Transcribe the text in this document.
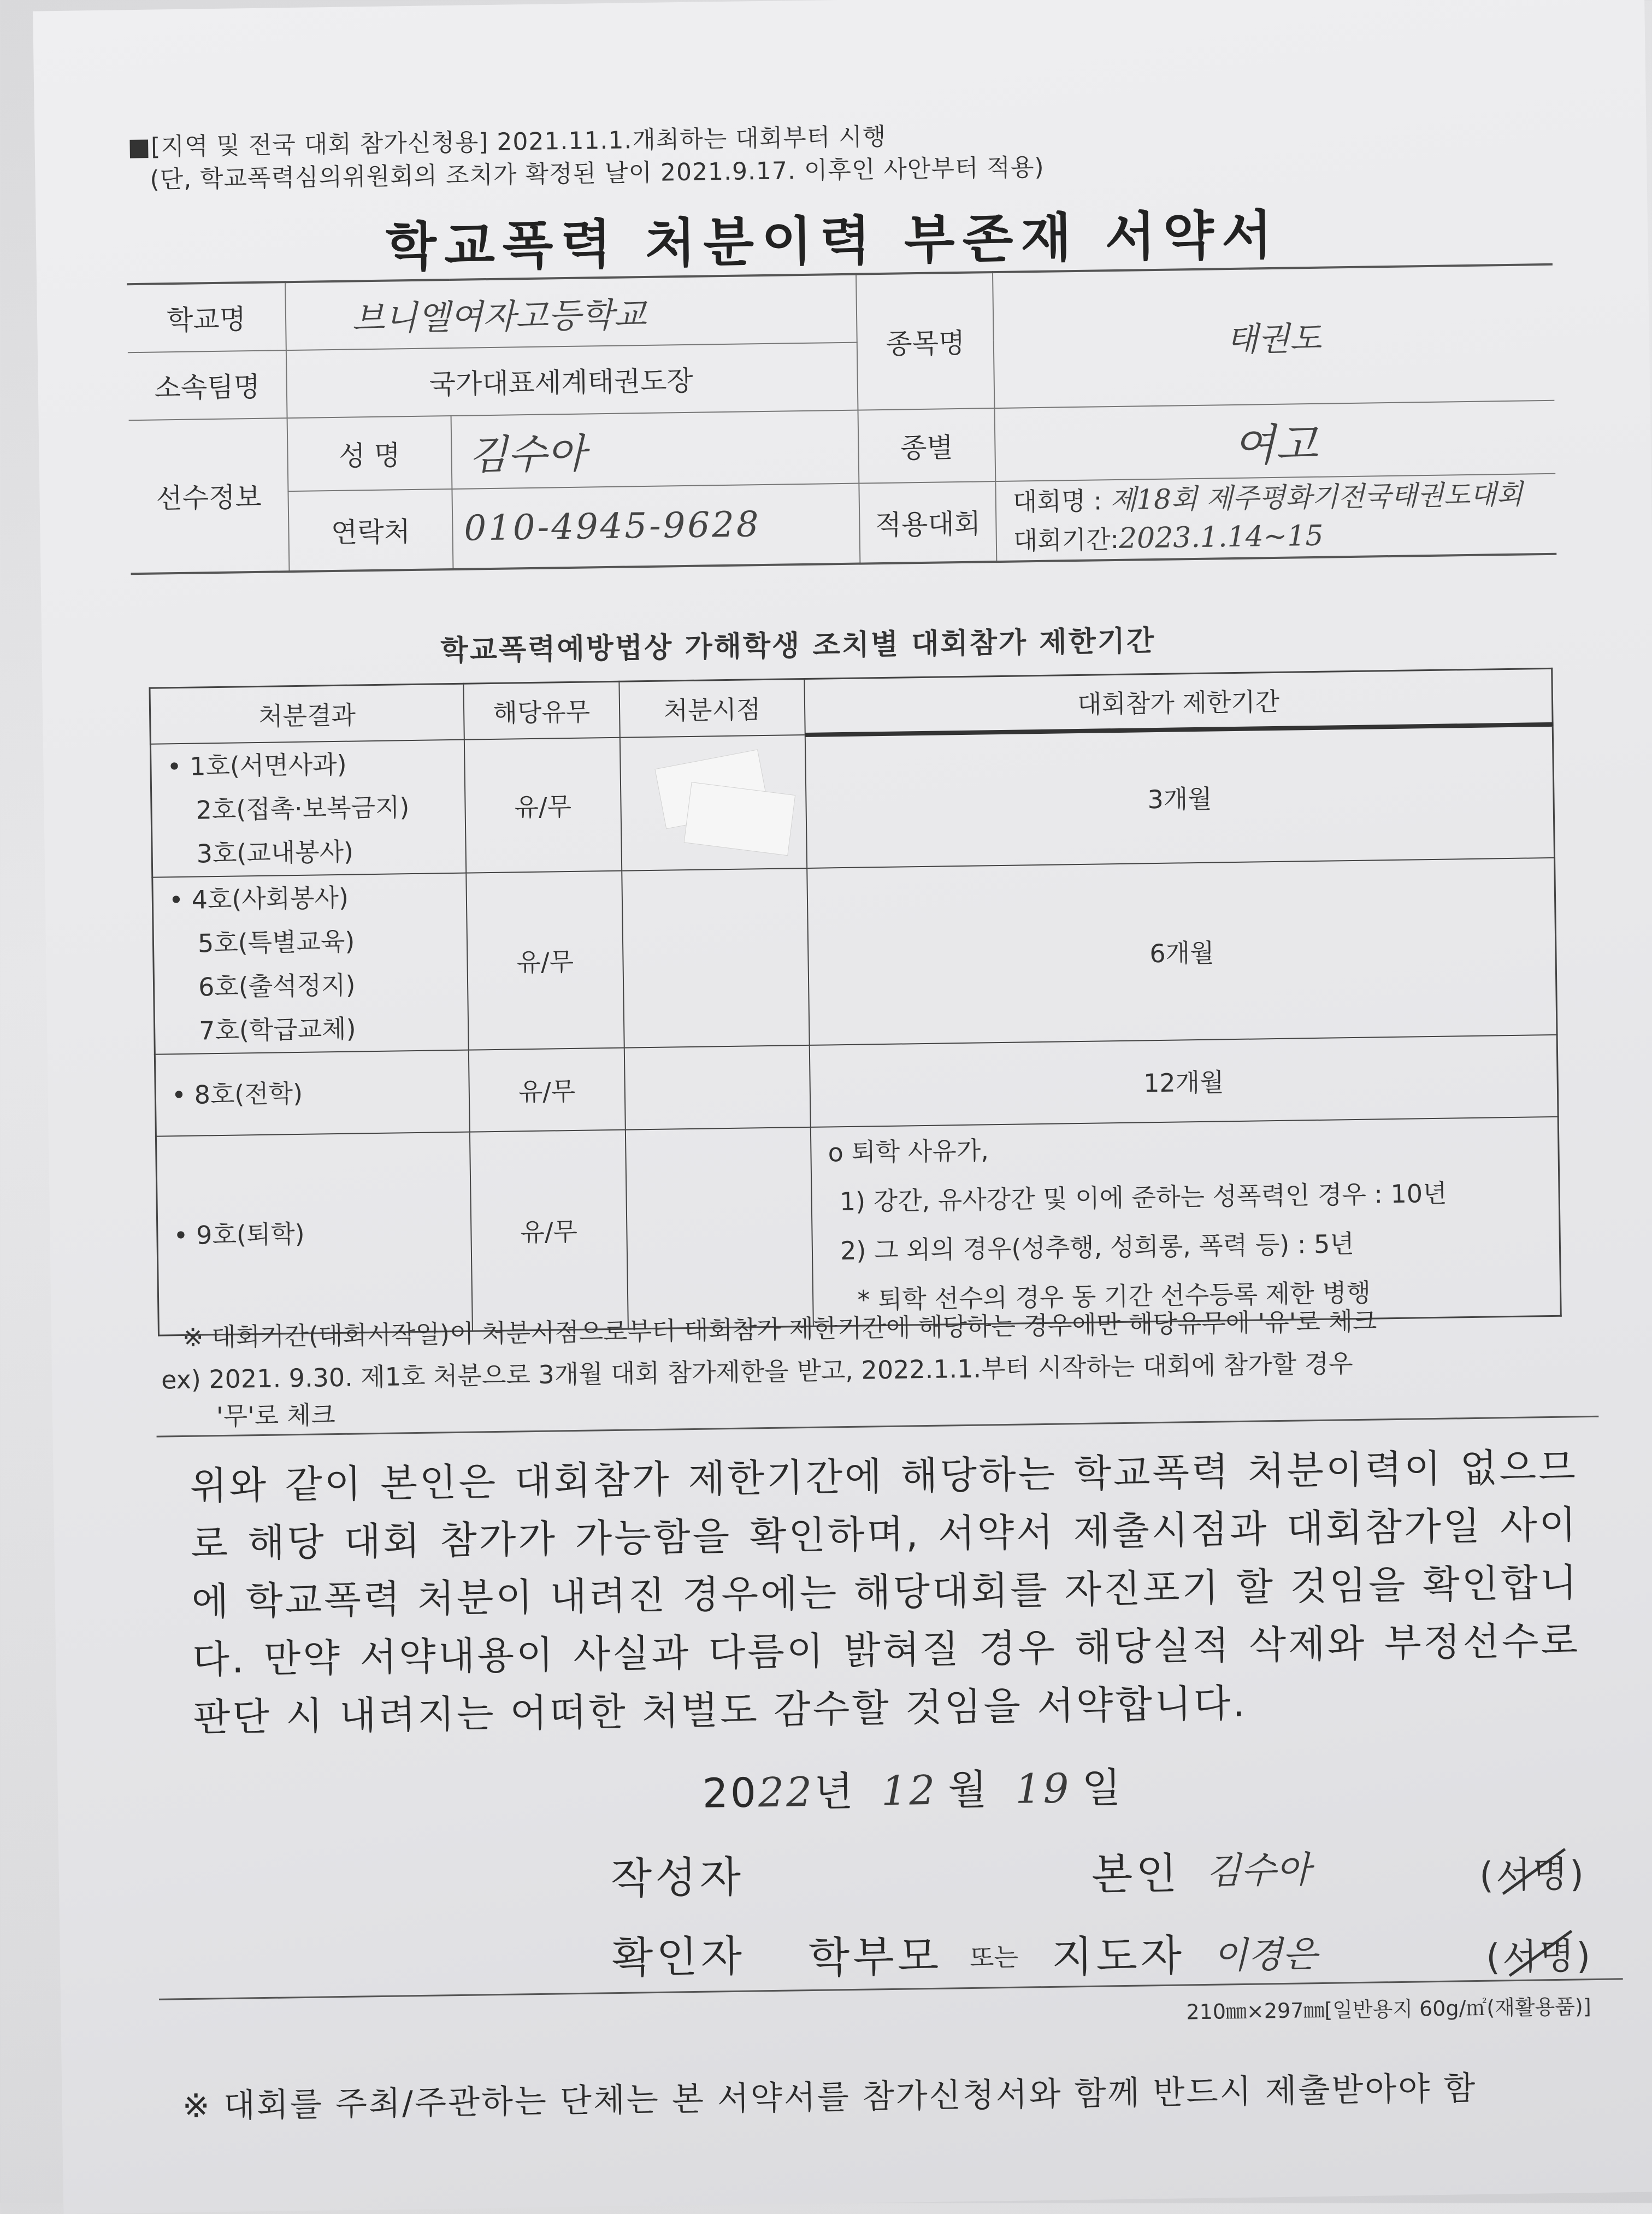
■[지역 및 전국 대회 참가신청용] 2021.11.1.개최하는 대회부터 시행
(단, 학교폭력심의위원회의 조치가 확정된 날이 2021.9.17. 이후인 사안부터 적용)
학교폭력 처분이력 부존재 서약서
학교명	브니엘여자고등학교		종목명	태권도
소속팀명	국가대표세계태권도장			
선수정보	성 명	김수아	종별	여고
	연락처	010-4945-9628	적용대회	대회명 : 제18회 제주평화기전국태권도대회
대회기간:2023.1.14~15
학교폭력예방법상 가해학생 조치별 대회참가 제한기간
처분결과	해당유무	처분시점	대회참가 제한기간

• 1호(서면사과)
2호(접촉·보복금지)
3호(교내봉사)	유/무		3개월

• 4호(사회봉사)
5호(특별교육)
6호(출석정지)
7호(학급교체)	유/무		6개월

• 8호(전학)	유/무		12개월

• 9호(퇴학)	유/무		o 퇴학 사유가,
1) 강간, 유사강간 및 이에 준하는 성폭력인 경우 : 10년
2) 그 외의 경우(성추행, 성희롱, 폭력 등) : 5년
* 퇴학 선수의 경우 동 기간 선수등록 제한 병행
※ 대회기간(대회시작일)이 처분시점으로부터 대회참가 제한기간에 해당하는 경우에만 해당유무에 '유'로 체크
ex) 2021. 9.30. 제1호 처분으로 3개월 대회 참가제한을 받고, 2022.1.1.부터 시작하는 대회에 참가할 경우
'무'로 체크
위와 같이 본인은 대회참가 제한기간에 해당하는 학교폭력 처분이력이 없으므로 해당 대회 참가가 가능함을 확인하며, 서약서 제출시점과 대회참가일 사이에 학교폭력 처분이 내려진 경우에는 해당대회를 자진포기 할 것임을 확인합니다. 만약 서약내용이 사실과 다름이 밝혀질 경우 해당실적 삭제와 부정선수로 판단 시 내려지는 어떠한 처벌도 감수할 것임을 서약합니다.
2022년 12 월 19 일
작성자	본인 김수아	(서명)
확인자 학부모 또는 지도자 이경은	(서명)
210㎜×297㎜[일반용지 60g/㎡(재활용품)]
※ 대회를 주최/주관하는 단체는 본 서약서를 참가신청서와 함께 반드시 제출받아야 함
